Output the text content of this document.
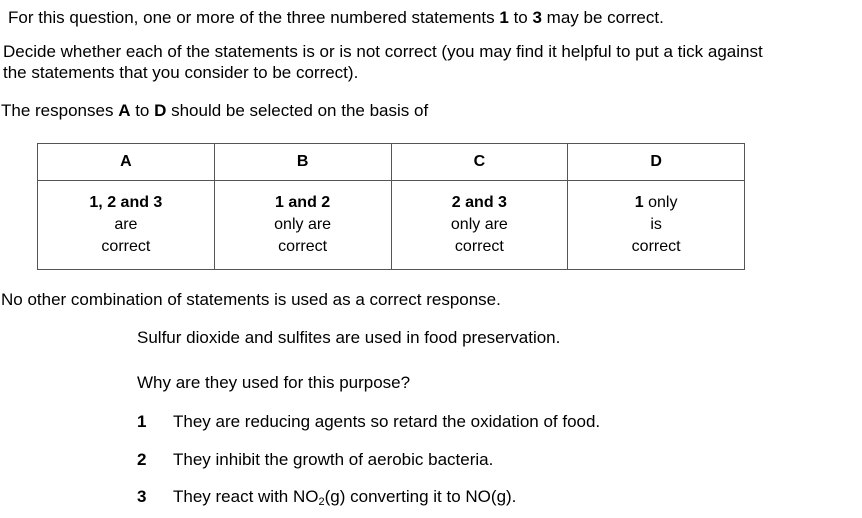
For this question, one or more of the three numbered statements 1 to 3 may be correct.
Decide whether each of the statements is or is not correct (you may find it helpful to put a tick against
the statements that you consider to be correct).
The responses A to D should be selected on the basis of
A	B	C	D
1, 2 and 3
are
correct	1 and 2
only are
correct	2 and 3
only are
correct	1 only
is
correct
No other combination of statements is used as a correct response.
Sulfur dioxide and sulfites are used in food preservation.
Why are they used for this purpose?
1	They are reducing agents so retard the oxidation of food.
2	They inhibit the growth of aerobic bacteria.
3	They react with $NO_2(g)$ converting it to NO(g).
